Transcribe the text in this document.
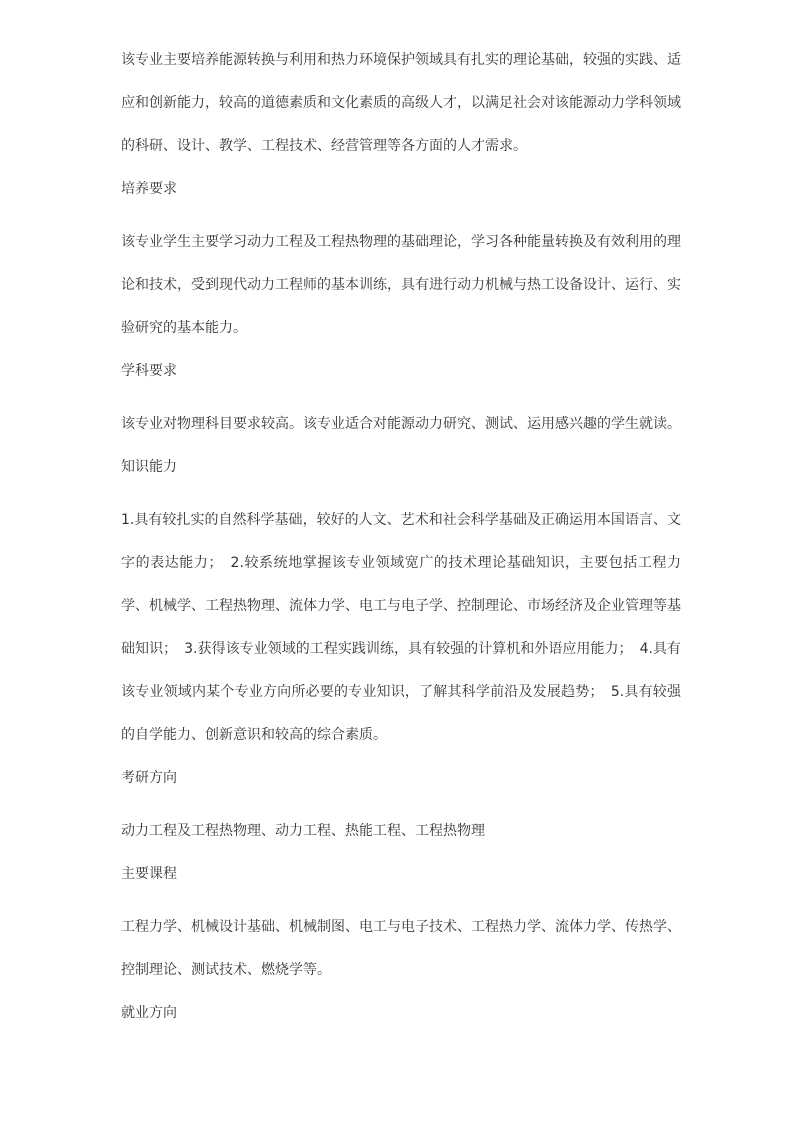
该专业主要培养能源转换与利用和热力环境保护领域具有扎实的理论基础，较强的实践、适应和创新能力，较高的道德素质和文化素质的高级人才，以满足社会对该能源动力学科领域的科研、设计、教学、工程技术、经营管理等各方面的人才需求。

培养要求

该专业学生主要学习动力工程及工程热物理的基础理论，学习各种能量转换及有效利用的理论和技术，受到现代动力工程师的基本训练，具有进行动力机械与热工设备设计、运行、实验研究的基本能力。

学科要求

该专业对物理科目要求较高。该专业适合对能源动力研究、测试、运用感兴趣的学生就读。

知识能力

1.具有较扎实的自然科学基础，较好的人文、艺术和社会科学基础及正确运用本国语言、文字的表达能力；　2.较系统地掌握该专业领域宽广的技术理论基础知识，主要包括工程力学、机械学、工程热物理、流体力学、电工与电子学、控制理论、市场经济及企业管理等基础知识；　3.获得该专业领域的工程实践训练，具有较强的计算机和外语应用能力；　4.具有该专业领域内某个专业方向所必要的专业知识，了解其科学前沿及发展趋势；　5.具有较强的自学能力、创新意识和较高的综合素质。

考研方向

动力工程及工程热物理、动力工程、热能工程、工程热物理

主要课程

工程力学、机械设计基础、机械制图、电工与电子技术、工程热力学、流体力学、传热学、控制理论、测试技术、燃烧学等。

就业方向
